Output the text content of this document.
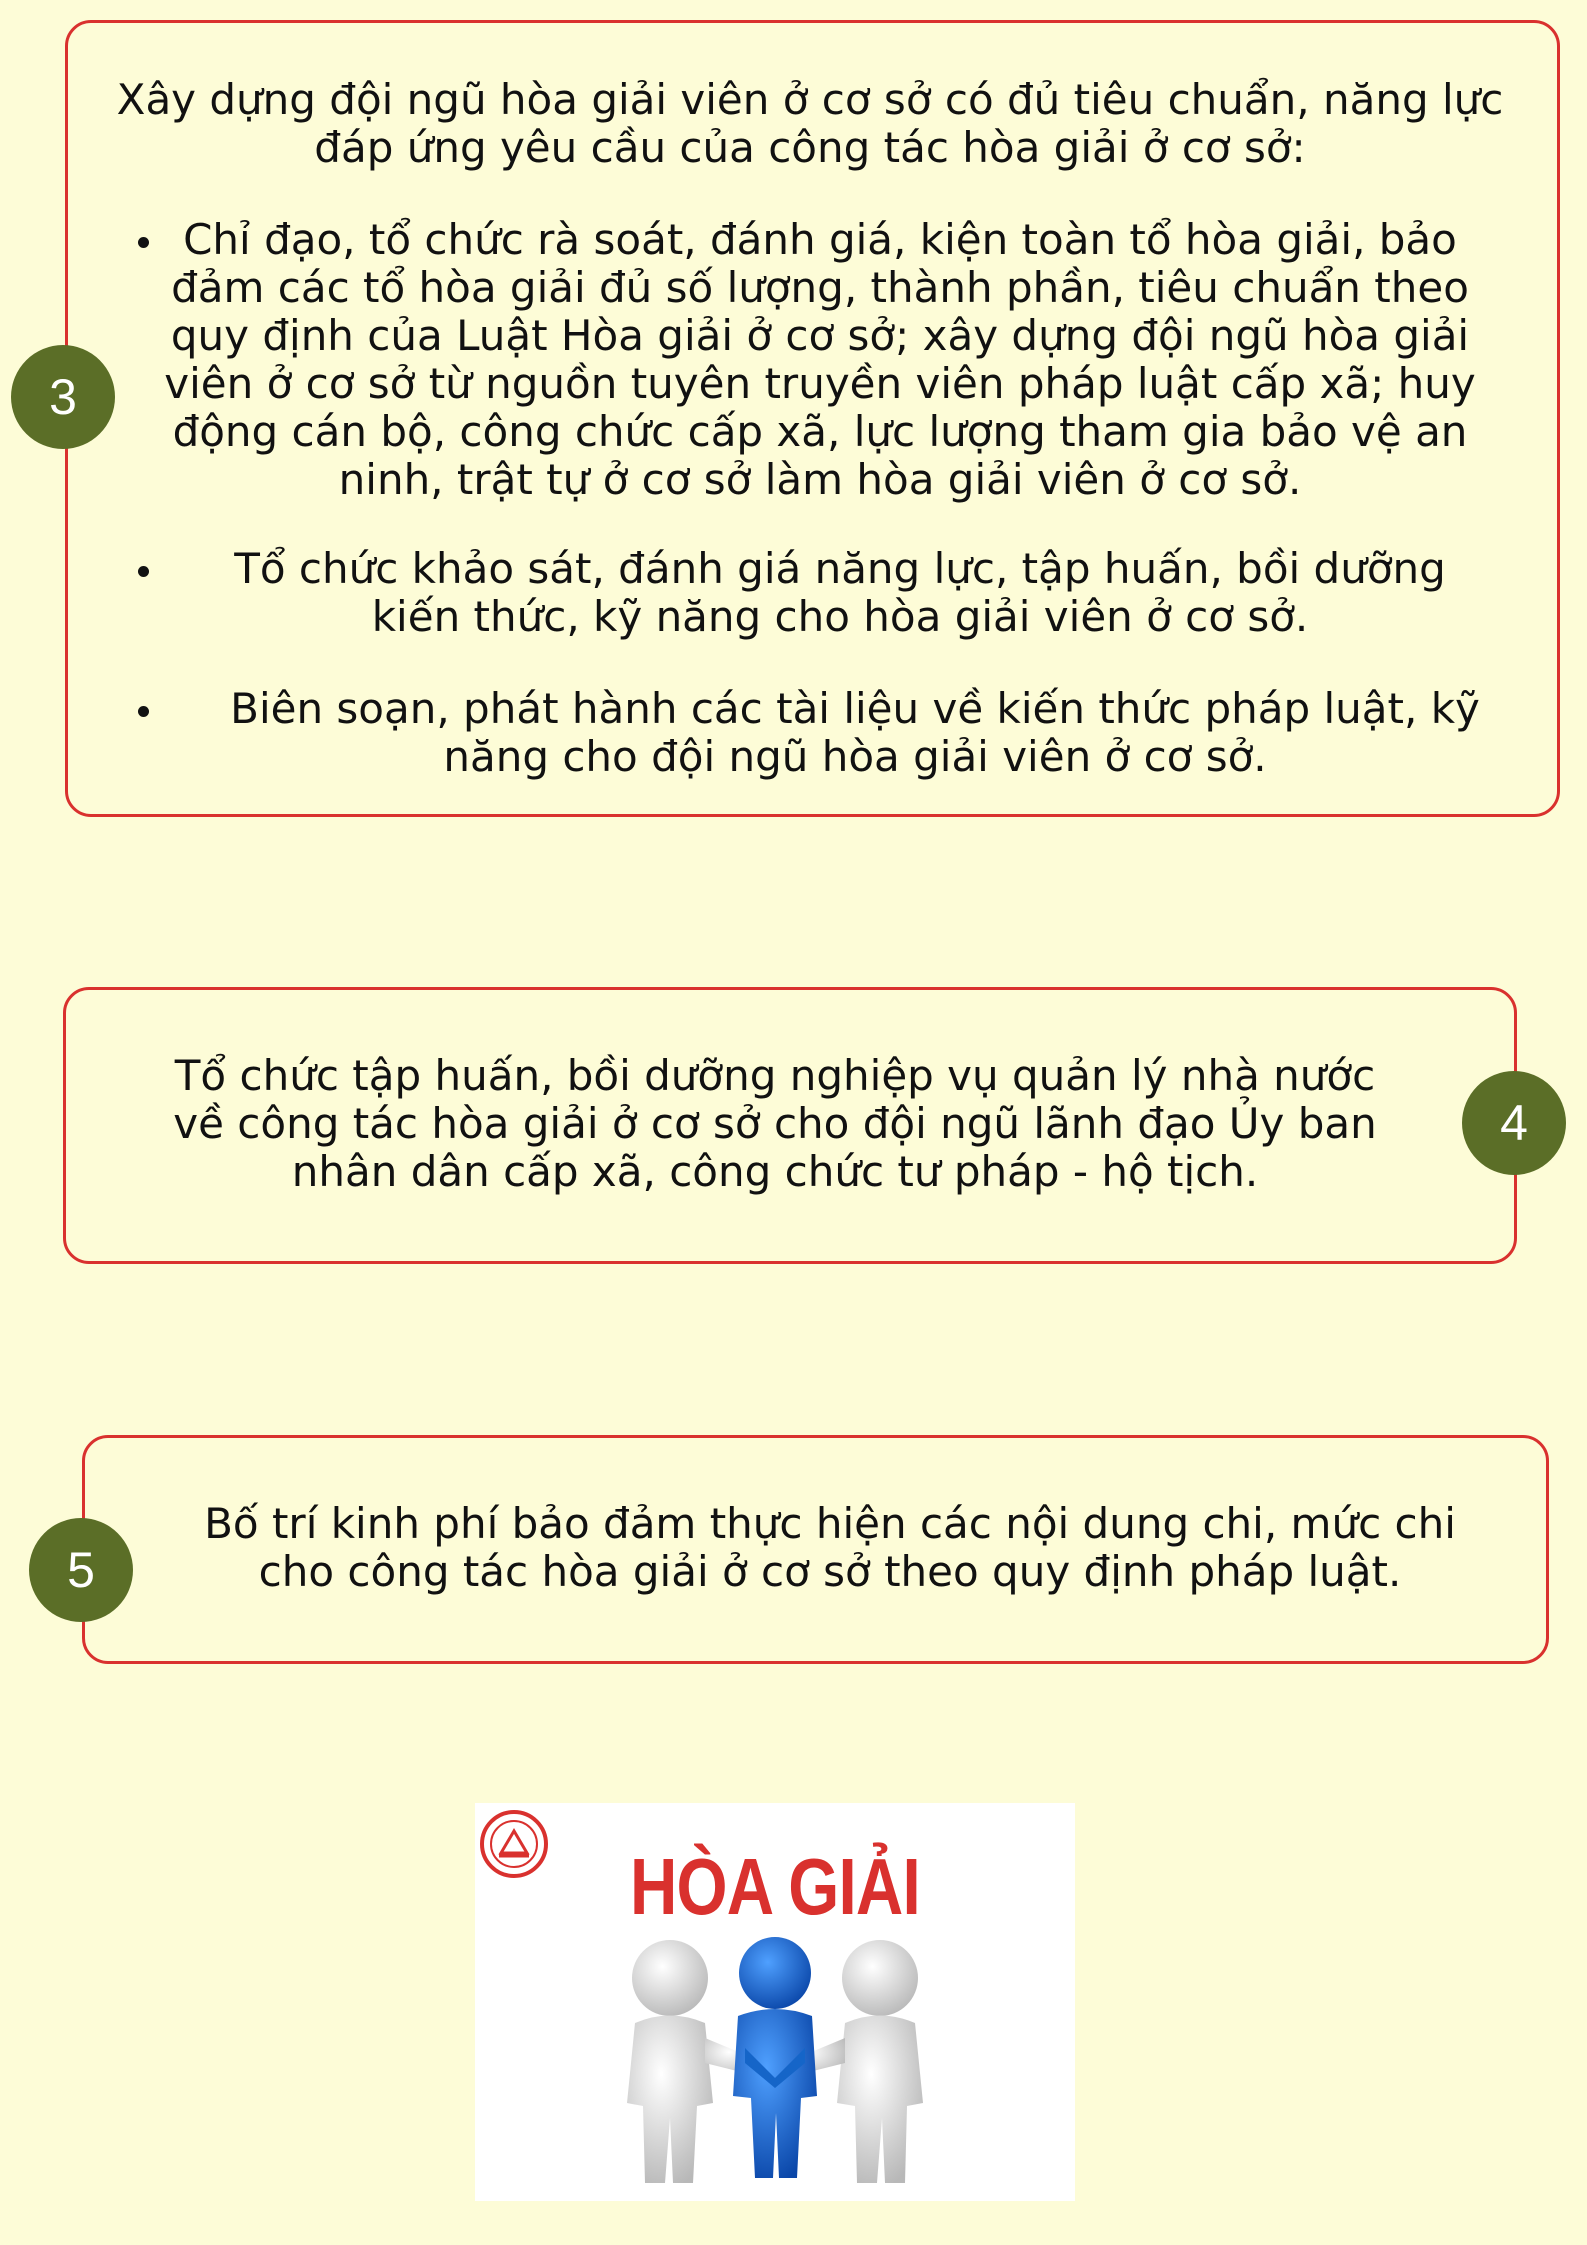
3
Xây dựng đội ngũ hòa giải viên ở cơ sở có đủ tiêu chuẩn, năng lực đáp ứng yêu cầu của công tác hòa giải ở cơ sở:
Chỉ đạo, tổ chức rà soát, đánh giá, kiện toàn tổ hòa giải, bảo đảm các tổ hòa giải đủ số lượng, thành phần, tiêu chuẩn theo quy định của Luật Hòa giải ở cơ sở; xây dựng đội ngũ hòa giải viên ở cơ sở từ nguồn tuyên truyền viên pháp luật cấp xã; huy động cán bộ, công chức cấp xã, lực lượng tham gia bảo vệ an ninh, trật tự ở cơ sở làm hòa giải viên ở cơ sở.
Tổ chức khảo sát, đánh giá năng lực, tập huấn, bồi dưỡng kiến thức, kỹ năng cho hòa giải viên ở cơ sở.
Biên soạn, phát hành các tài liệu về kiến thức pháp luật, kỹ năng cho đội ngũ hòa giải viên ở cơ sở.
4
Tổ chức tập huấn, bồi dưỡng nghiệp vụ quản lý nhà nước về công tác hòa giải ở cơ sở cho đội ngũ lãnh đạo Ủy ban nhân dân cấp xã, công chức tư pháp - hộ tịch.
5
Bố trí kinh phí bảo đảm thực hiện các nội dung chi, mức chi cho công tác hòa giải ở cơ sở theo quy định pháp luật.
HÒA GIẢI
